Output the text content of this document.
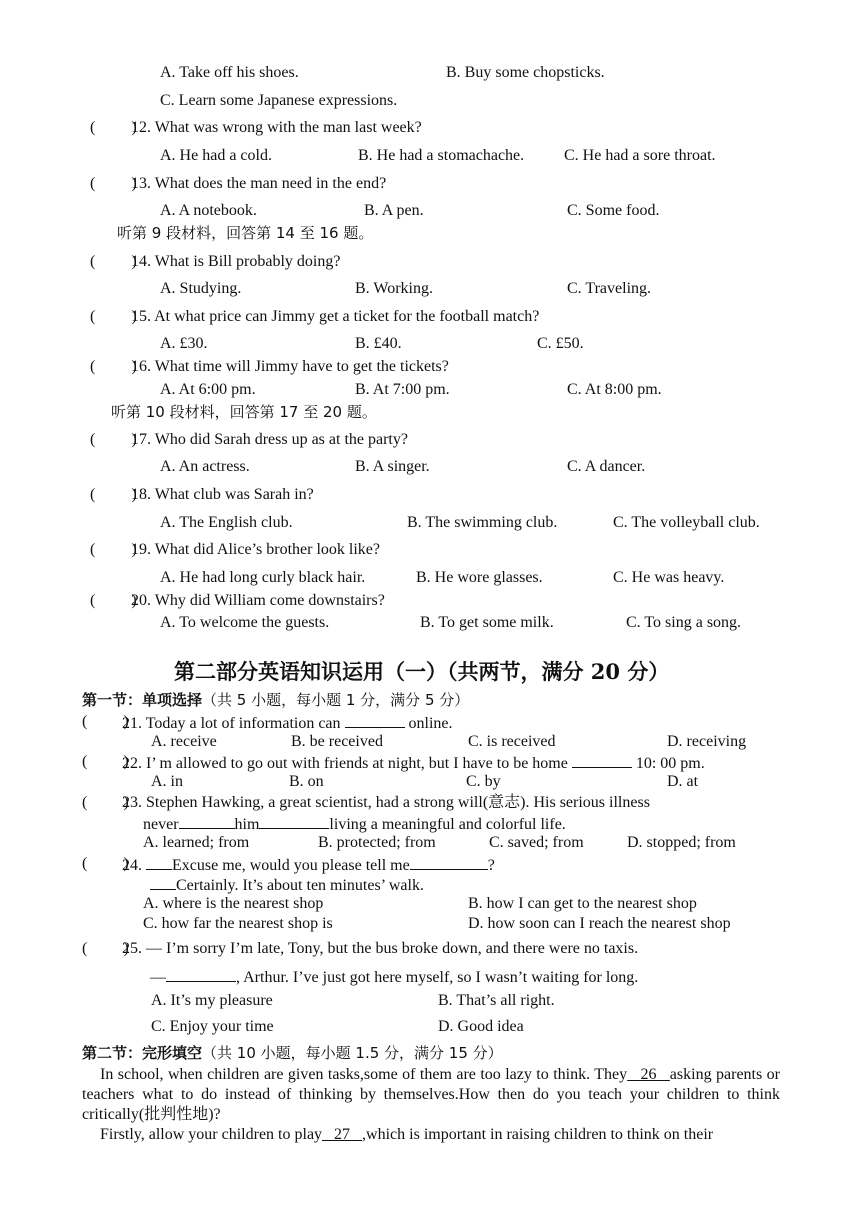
A. Take off his shoes.	B. Buy some chopsticks.
C. Learn some Japanese expressions.
(         )
12. What was wrong with the man last week?
A. He had a cold.	B. He had a stomachache. C. He had a sore throat.
(         )
13. What does the man need in the end?
A. A notebook.	B. A pen.	C. Some food.
听第 9 段材料，回答第 14 至 16 题。
(         )
14. What is Bill probably doing?
A. Studying.	B. Working.	C. Traveling.
(         )
15. At what price can Jimmy get a ticket for the football match?
A. £30.	B. £40.	C. £50.
(         )
16. What time will Jimmy have to get the tickets?
A. At 6:00 pm.	B. At 7:00 pm.	C. At 8:00 pm.
听第 10 段材料，回答第 17 至 20 题。
(         )
17. Who did Sarah dress up as at the party?
A. An actress.	B. A singer.	C. A dancer.
(         )
18. What club was Sarah in?
A. The English club.	B. The swimming club.	C. The volleyball club.
(         )
19. What did Alice’s brother look like?
A. He had long curly black hair.	B. He wore glasses.	C. He was heavy.
(         )
20. Why did William come downstairs?
A. To welcome the guests.	B. To get some milk.	C. To sing a song.
第二部分英语知识运用（一）（共两节，满分 20 分）
第一节：单项选择（共 5 小题，每小题 1 分，满分 5 分）
(         )
21. Today a lot of information can	online.
A. receive	B. be received	C. is received	D. receiving
(         )
22. I’ m allowed to go out with friends at night, but I have to be home	10: 00 pm.
A. in	B. on	C. by	D. at
(         )
23. Stephen Hawking, a great scientist, had a strong will(意志). His serious illness
never	him	living a meaningful and colorful life.
A. learned; from	B. protected; from	C. saved; from	D. stopped; from
(         )
24. Excuse me, would you please tell me	?
Certainly. It’s about ten minutes’ walk.
A. where is the nearest shop	B. how I can get to the nearest shop
C. how far the nearest shop is	D. how soon can I reach the nearest shop
(         )
25. — I’m sorry I’m late, Tony, but the bus broke down, and there were no taxis.
—	, Arthur. I’ve just got here myself, so I wasn’t waiting for long.
A. It’s my pleasure	B. That’s all right.
C. Enjoy your time	D. Good idea
第二节：完形填空（共 10 小题，每小题 1.5 分，满分 15 分）
In school, when children are given tasks,some of them are too lazy to think. They   26   asking parents or teachers what to do instead of thinking by themselves.How then do you teach your children to think critically(批判性地)?
Firstly, allow your children to play   27   ,which is important in raising children to think on their
